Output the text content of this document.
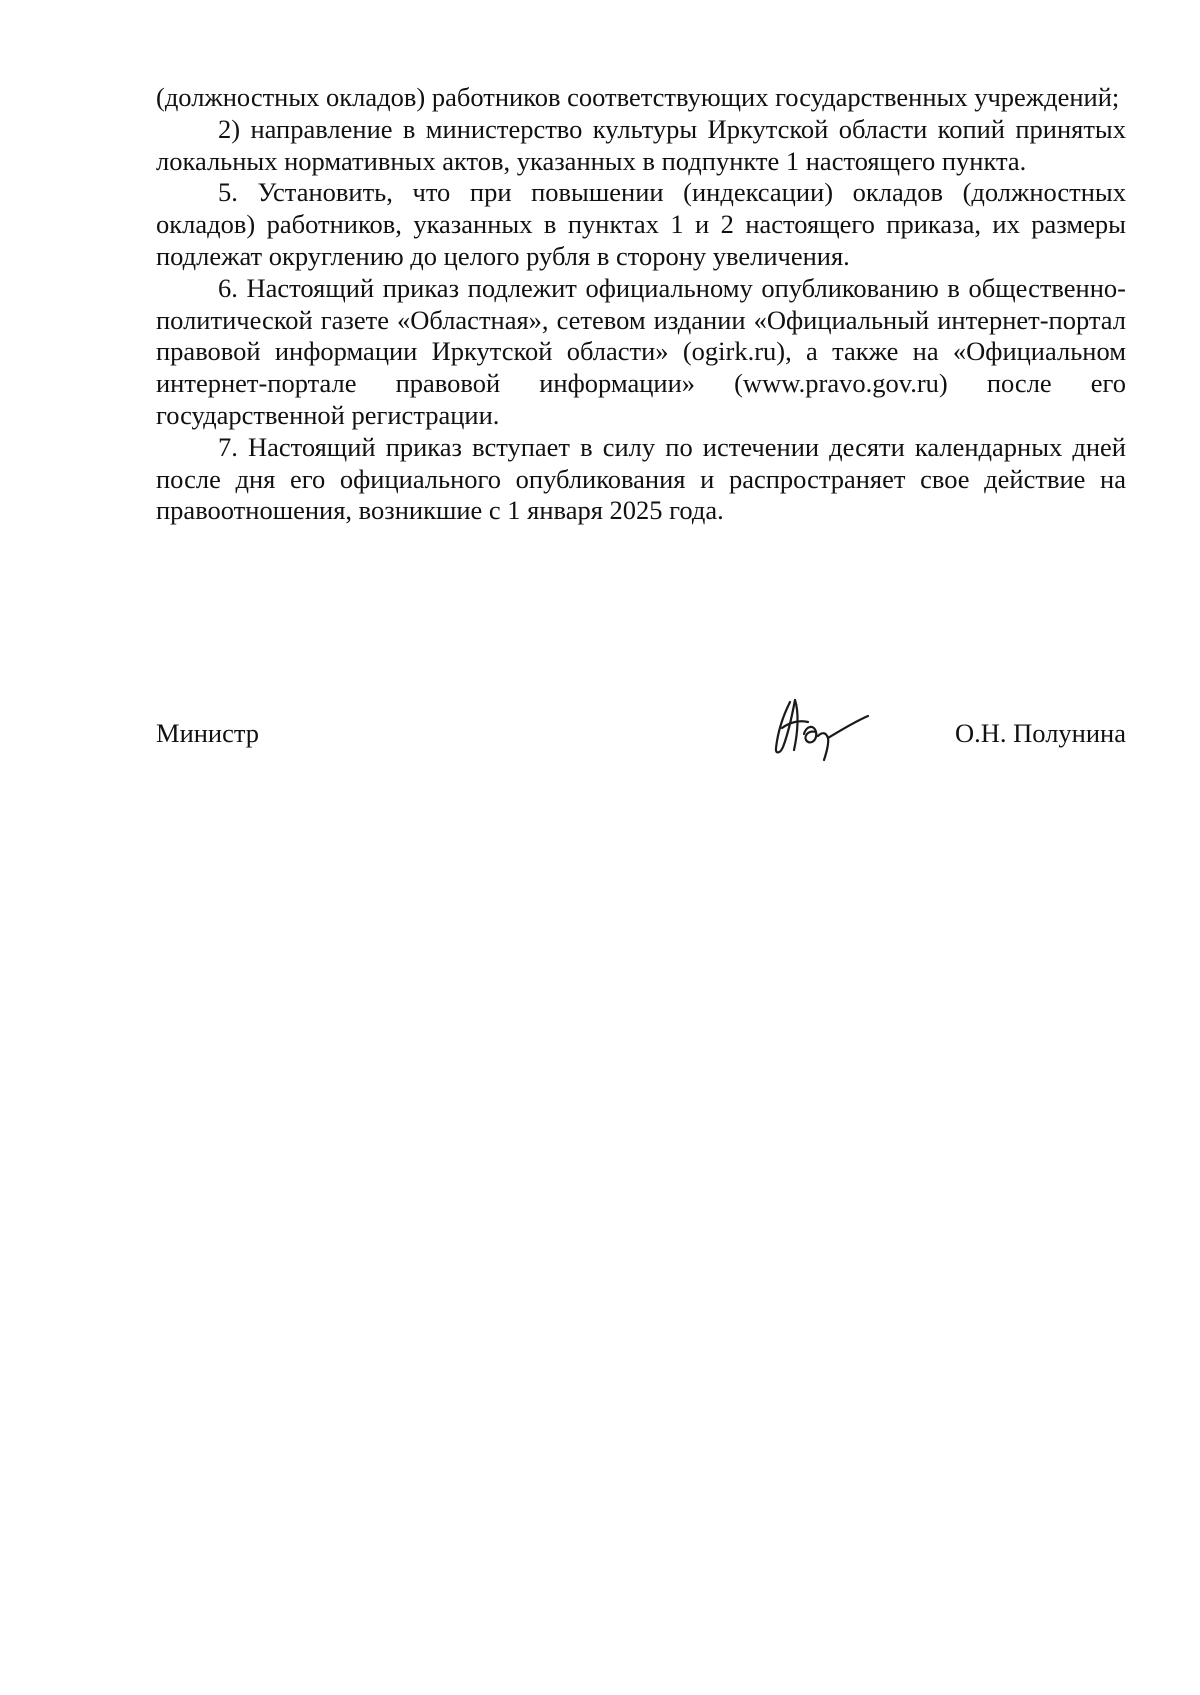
(должностных окладов) работников соответствующих государственных учреждений;

2) направление в министерство культуры Иркутской области копий принятых локальных нормативных актов, указанных в подпункте 1 настоящего пункта.

5. Установить, что при повышении (индексации) окладов (должностных окладов) работников, указанных в пунктах 1 и 2 настоящего приказа, их размеры подлежат округлению до целого рубля в сторону увеличения.

6. Настоящий приказ подлежит официальному опубликованию в общественно-политической газете «Областная», сетевом издании «Официальный интернет-портал правовой информации Иркутской области» (ogirk.ru), а также на «Официальном интернет-портале правовой информации» (www.pravo.gov.ru) после его государственной регистрации.

7. Настоящий приказ вступает в силу по истечении десяти календарных дней после дня его официального опубликования и распространяет свое действие на правоотношения, возникшие с 1 января 2025 года.

Министр	О.Н. Полунина
